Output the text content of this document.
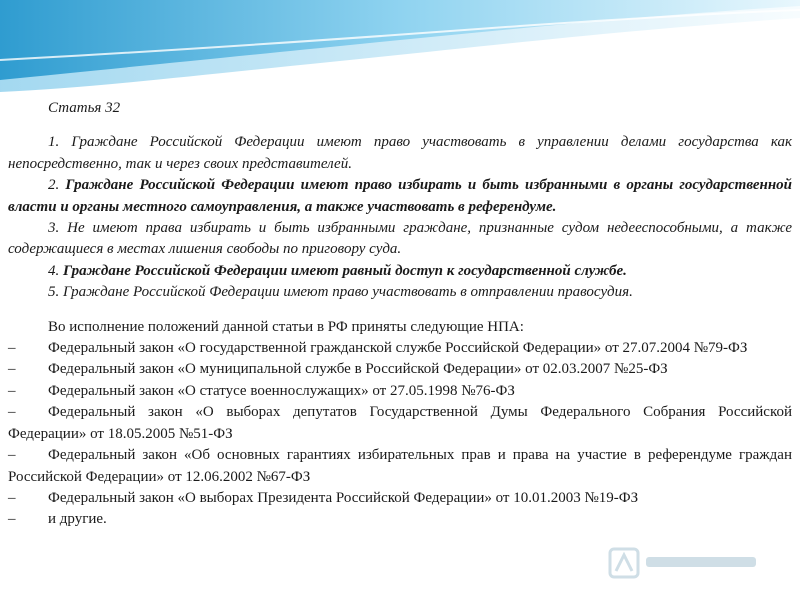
Статья 32

1. Граждане Российской Федерации имеют право участвовать в управлении делами государства как непосредственно, так и через своих представителей.

2. Граждане Российской Федерации имеют право избирать и быть избранными в органы государственной власти и органы местного самоуправления, а также участвовать в референдуме.

3. Не имеют права избирать и быть избранными граждане, признанные судом недееспособными, а также содержащиеся в местах лишения свободы по приговору суда.

4. Граждане Российской Федерации имеют равный доступ к государственной службе.

5. Граждане Российской Федерации имеют право участвовать в отправлении правосудия.

Во исполнение положений данной статьи в РФ приняты следующие НПА:

– Федеральный закон «О государственной гражданской службе Российской Федерации» от 27.07.2004 №79-ФЗ

– Федеральный закон «О муниципальной службе в Российской Федерации» от 02.03.2007 №25-ФЗ

– Федеральный закон «О статусе военнослужащих» от 27.05.1998 №76-ФЗ

– Федеральный закон «О выборах депутатов Государственной Думы Федерального Собрания Российской Федерации» от 18.05.2005 №51-ФЗ

– Федеральный закон «Об основных гарантиях избирательных прав и права на участие в референдуме граждан Российской Федерации» от 12.06.2002 №67-ФЗ

– Федеральный закон «О выборах Президента Российской Федерации» от 10.01.2003 №19-ФЗ

– и другие.
